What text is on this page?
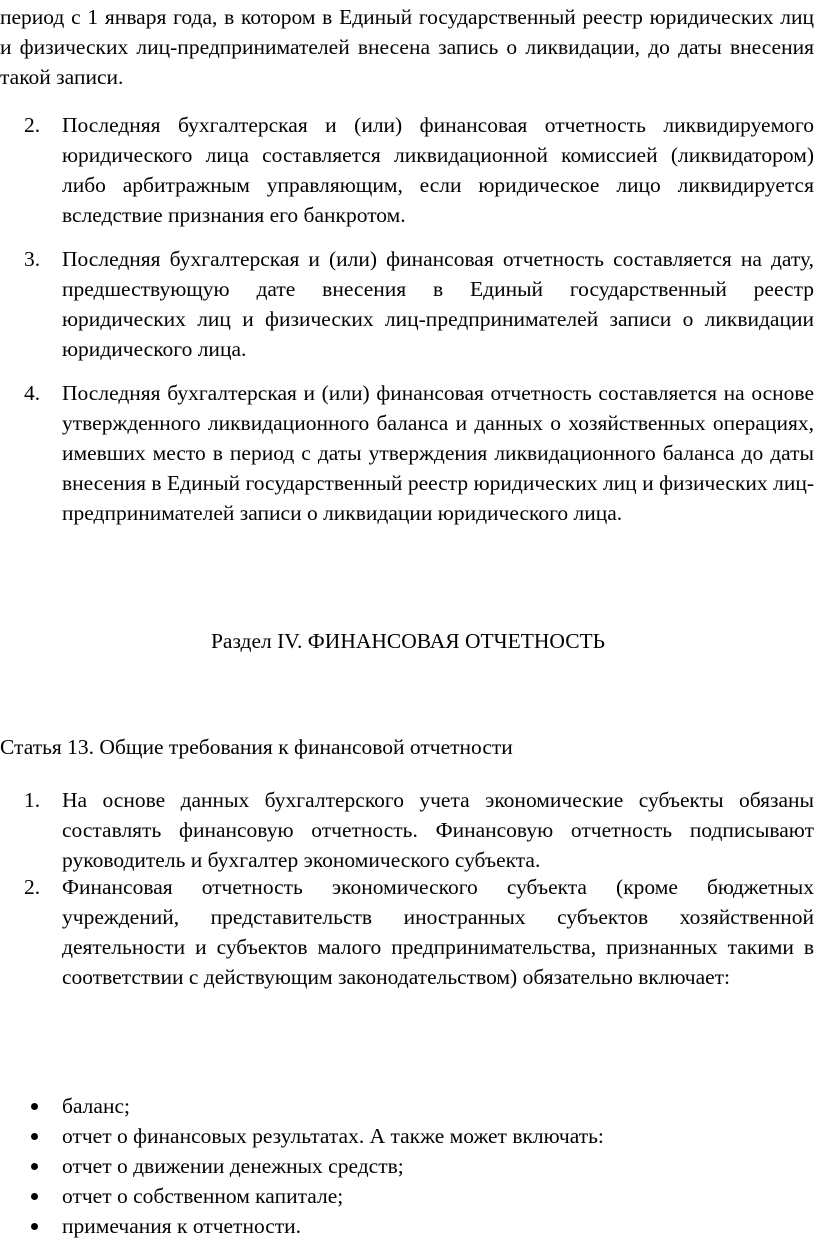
период с 1 января года, в котором в Единый государственный реестр юридических лиц и физических лиц-предпринимателей внесена запись о ликвидации, до даты внесения такой записи.

2.	Последняя бухгалтерская и (или) финансовая отчетность ликвидируемого юридического лица составляется ликвидационной комиссией (ликвидатором) либо арбитражным управляющим, если юридическое лицо ликвидируется вследствие признания его банкротом.
3.	Последняя бухгалтерская и (или) финансовая отчетность составляется на дату, предшествующую дате внесения в Единый государственный реестр юридических лиц и физических лиц-предпринимателей записи о ликвидации юридического лица.
4.	Последняя бухгалтерская и (или) финансовая отчетность составляется на основе утвержденного ликвидационного баланса и данных о хозяйственных операциях, имевших место в период с даты утверждения ликвидационного баланса до даты внесения в Единый государственный реестр юридических лиц и физических лиц-предпринимателей записи о ликвидации юридического лица.
Раздел IV. ФИНАНСОВАЯ ОТЧЕТНОСТЬ
Статья 13. Общие требования к финансовой отчетности
1.	На основе данных бухгалтерского учета экономические субъекты обязаны составлять финансовую отчетность. Финансовую отчетность подписывают руководитель и бухгалтер экономического субъекта.
2.	Финансовая отчетность экономического субъекта (кроме бюджетных учреждений, представительств иностранных субъектов хозяйственной деятельности и субъектов малого предпринимательства, признанных такими в соответствии с действующим законодательством) обязательно включает:
баланс;
отчет о финансовых результатах. А также может включать:
отчет о движении денежных средств;
отчет о собственном капитале;
примечания к отчетности.
